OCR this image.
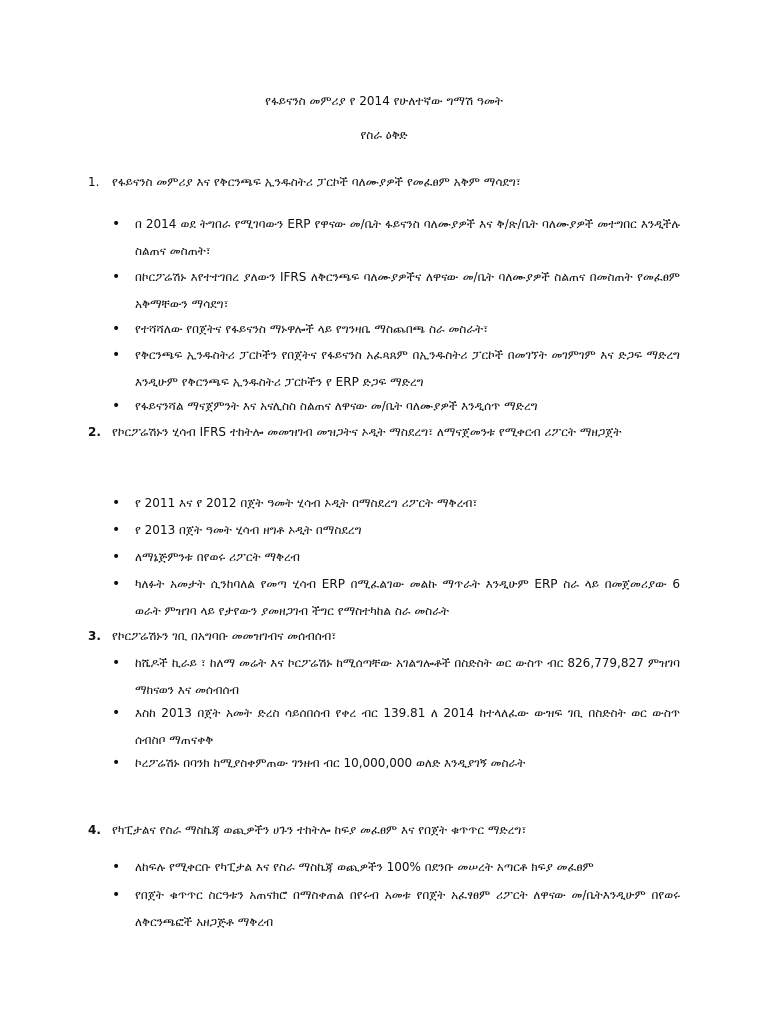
የፋይናንስ መምሪያ የ 2014 የሁለተኛው ግማሽ ዓመት
የስራ ዕቅድ
1. የፋይናንስ መምሪያ እና የቅርንጫፍ ኢንዱስትሪ ፓርኮች ባለሙያዎች የመፈፀም አቅም ማሳደግ፣
• በ 2014 ወደ ትግበራ የሚገባውን ERP የዋናው መ/ቤት ፋይናንስ ባለሙያዎች እና ቅ/ጽ/ቤት ባለሙያዎች መተግበር እንዲችሉ ስልጠና መስጠት፣
• በኮርፖሬሽኑ እየተተገበረ ያለውን IFRS ለቅርንጫፍ ባለሙያዎችና ለዋናው መ/ቤት ባለሙያዎች ስልጠና በመስጠት የመፈፀም አቅማቸውን ማሳደግ፣
• የተሻሻለው የበጀትና የፋይናንስ ማኑዋሎች ላይ የግንዛቤ ማስጨበጫ ስራ መስራት፣
• የቅርንጫፍ ኢንዱስትሪ ፓርኮችን የበጀትና የፋይናንስ አፈጻጸም በኢንዱስትሪ ፓርኮች በመገኘት መገምገም እና ድጋፍ ማድረግ እንዲሁም የቅርንጫፍ ኢንዱስትሪ ፓርኮችን የ ERP ድጋፍ ማድረግ
• የፋይናንሻል ማናጀምንት እና አናሊስስ ስልጠና ለዋናው መ/ቤት ባለሙያዎች እንዲሰጥ ማድረግ
2. የኮርፖሬሽኑን ሂሳብ IFRS ተከትሎ መመዝገብ መዝጋትና ኦዲት ማስደረግ፣ ለማናጀመንቱ የሚቀርብ ሪፖርት ማዘጋጀት
• የ 2011 እና የ 2012 በጀት ዓመት ሂሳብ ኦዲት በማስደረግ ሪፖርት ማቅረብ፣
• የ 2013 በጀት ዓመት ሂሳብ ዘግቶ ኦዲት በማስደረግ
• ለማኔጅምንቱ በየወሩ ሪፖርት ማቅረብ
• ካለፉት አመታት ሲንከባለል የመጣ ሂሳብ ERP በሚፈልገው መልኩ ማጥራት እንዲሁም ERP ስራ ላይ በመጀመሪያው 6 ወራት ምዝገባ ላይ የታየውን ያመዘጋገብ ችግር የማስተካከል ስራ መስራት
3. የኮርፖሬሽኑን ገቢ በአግባቡ መመዝገብና መሰብሰብ፣
• ከሼዶች ኪራይ ፣ ከለማ መሬት እና ኮርፖሬሽኑ ከሚሰጣቸው አገልግሎቶች በስድስት ወር ውስጥ ብር 826,779,827 ምዝገባ ማከናወን እና መሰብሰብ
• እስከ 2013 በጀት አመት ድረስ ሳይሰበሰብ የቀረ ብር 139.81 ለ 2014 ከተላለፈው ውዝፍ ገቢ በስድስት ወር ውስጥ ሰብስቦ ማጠናቀቅ
• ኮረፖሬሽኑ በባንክ ከሚያስቀምጠው ገንዘብ ብር 10,000,000 ወለድ እንዲያገኝ መስራት
4. የካፒታልና የስራ ማስኬጃ ወጪዎችን ሀጉን ተከትሎ ከፍያ መፈፀም እና የበጀት ቁጥጥር ማድረግ፣
• ለከፍሉ የሚቀርቡ የካፒታል እና የስራ ማስኬጃ ወጪዎችን 100% በደንቡ መሠረት አጣርቶ ክፍያ መፈፀም
• የበጀት ቁጥጥር ስርዓቱን አጠናክሮ በማስቀጠል በየሩብ አመቱ የበጀት አፈፃፀም ሪፖርት ለዋናው መ/ቤትእንዲሁም በየወሩ ለቅርንጫፎች አዘጋጅቶ ማቅረብ
